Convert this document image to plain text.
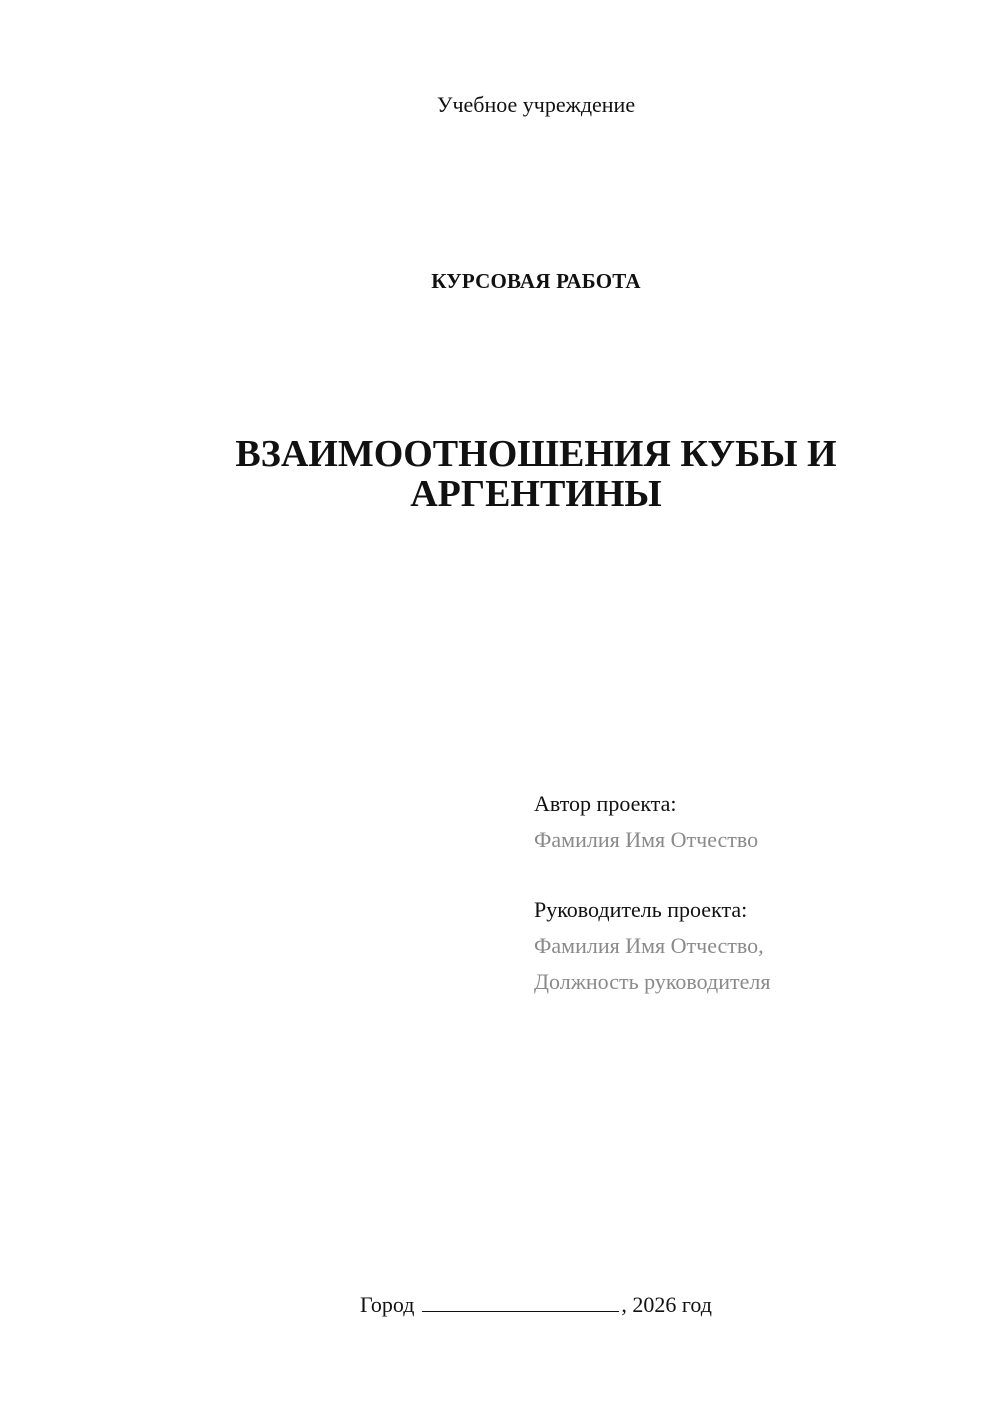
Учебное учреждение
КУРСОВАЯ РАБОТА
ВЗАИМООТНОШЕНИЯ КУБЫ И
АРГЕНТИНЫ
Автор проекта:
Фамилия Имя Отчество
Руководитель проекта:
Фамилия Имя Отчество,
Должность руководителя
Город	, 2026 год
